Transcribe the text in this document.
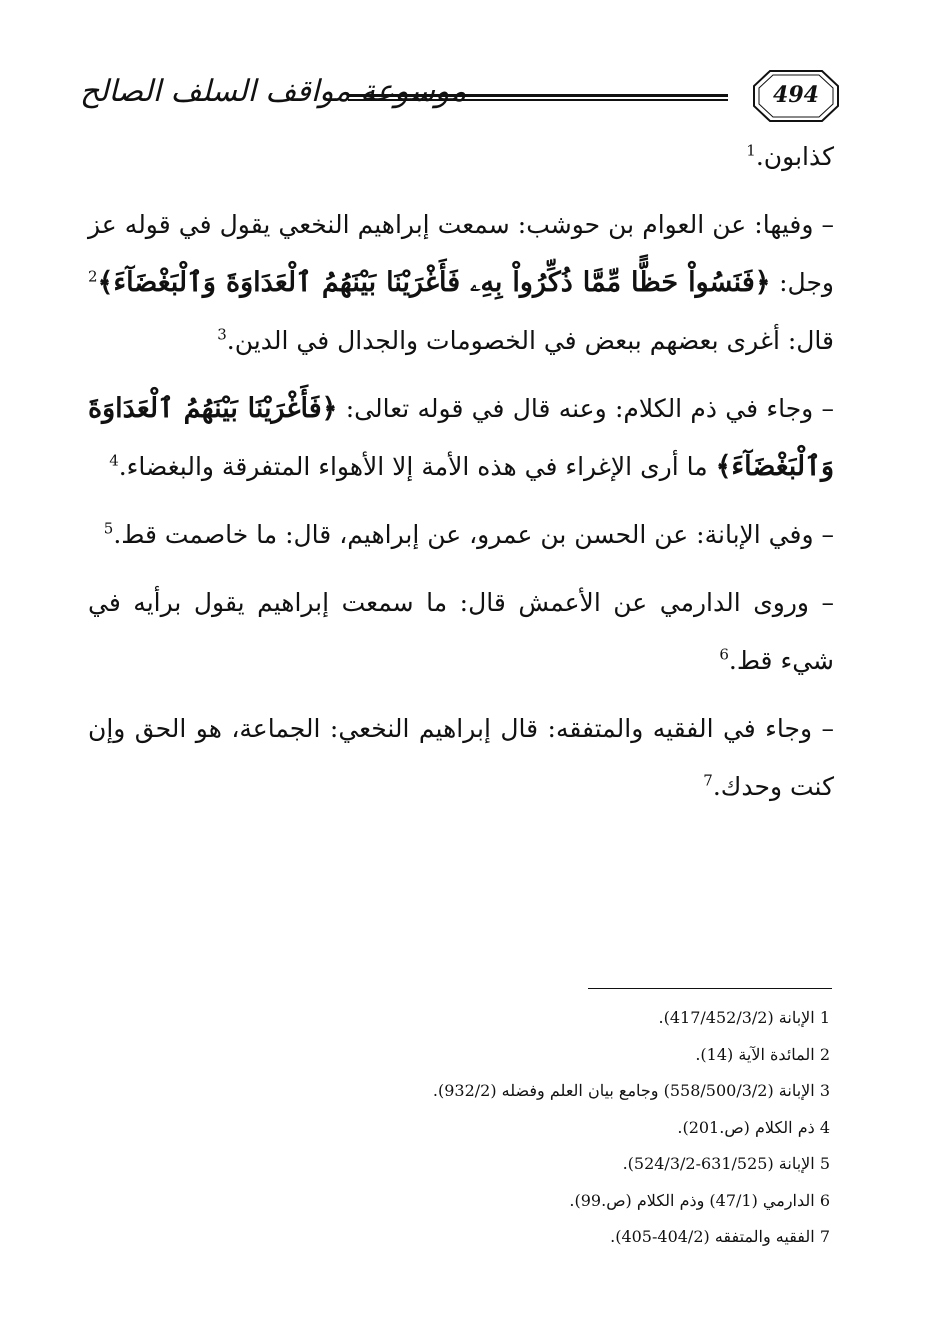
موسوعة مواقف السلف الصالح	494

كذابون.$^1$

– وفيها: عن العوام بن حوشب: سمعت إبراهيم النخعي يقول في قوله عز وجل: ﴿فَنَسُواْ حَظًّا مِّمَّا ذُكِّرُواْ بِهِۦ فَأَغْرَيْنَا بَيْنَهُمُ ٱلْعَدَاوَةَ وَٱلْبَغْضَآءَ﴾$^2$ قال: أغرى بعضهم ببعض في الخصومات والجدال في الدين.$^3$

– وجاء في ذم الكلام: وعنه قال في قوله تعالى: ﴿فَأَغْرَيْنَا بَيْنَهُمُ ٱلْعَدَاوَةَ وَٱلْبَغْضَآءَ﴾ ما أرى الإغراء في هذه الأمة إلا الأهواء المتفرقة والبغضاء.$^4$

– وفي الإبانة: عن الحسن بن عمرو، عن إبراهيم، قال: ما خاصمت قط.$^5$

– وروى الدارمي عن الأعمش قال: ما سمعت إبراهيم يقول برأيه في شيء قط.$^6$

– وجاء في الفقيه والمتفقه: قال إبراهيم النخعي: الجماعة، هو الحق وإن كنت وحدك.$^7$

1 الإبانة (417/452/3/2).

2 المائدة الآية (14).

3 الإبانة (558/500/3/2) وجامع بيان العلم وفضله (932/2).

4 ذم الكلام (ص.201).

5 الإبانة (631/525-524/3/2).

6 الدارمي (47/1) وذم الكلام (ص.99).

7 الفقيه والمتفقه (404/2-405).
